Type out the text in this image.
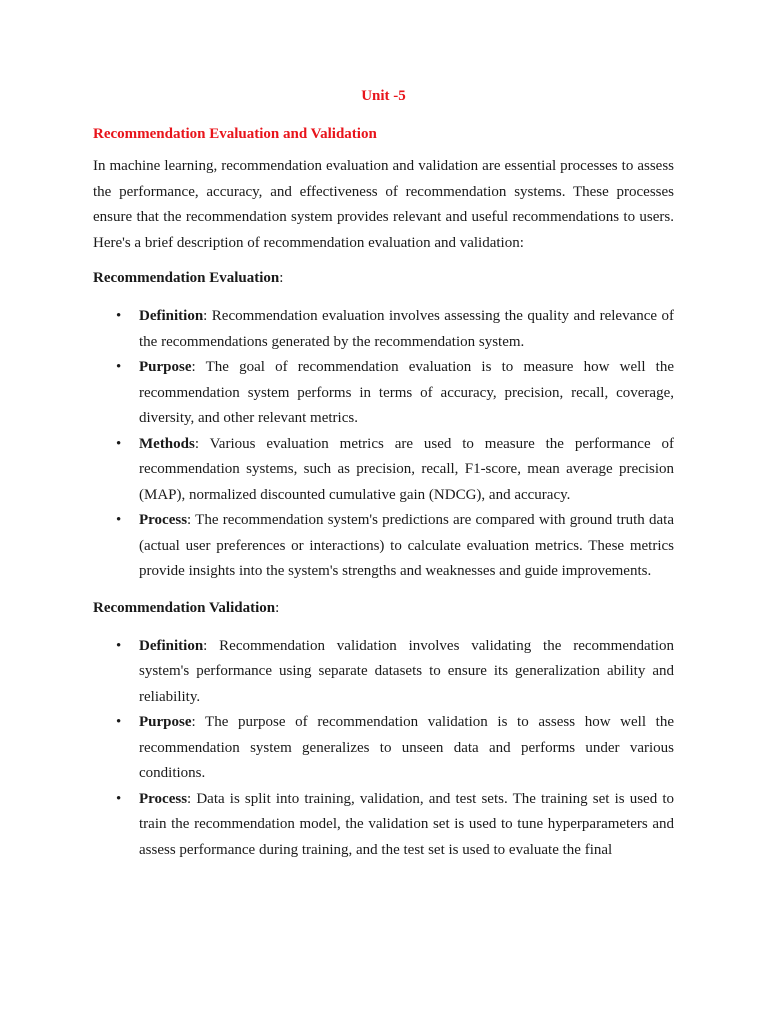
Unit -5
Recommendation Evaluation and Validation

In machine learning, recommendation evaluation and validation are essential processes to assess the performance, accuracy, and effectiveness of recommendation systems. These processes ensure that the recommendation system provides relevant and useful recommendations to users. Here's a brief description of recommendation evaluation and validation:

Recommendation Evaluation:
• Definition: Recommendation evaluation involves assessing the quality and relevance of the recommendations generated by the recommendation system.
• Purpose: The goal of recommendation evaluation is to measure how well the recommendation system performs in terms of accuracy, precision, recall, coverage, diversity, and other relevant metrics.
• Methods: Various evaluation metrics are used to measure the performance of recommendation systems, such as precision, recall, F1-score, mean average precision (MAP), normalized discounted cumulative gain (NDCG), and accuracy.
• Process: The recommendation system's predictions are compared with ground truth data (actual user preferences or interactions) to calculate evaluation metrics. These metrics provide insights into the system's strengths and weaknesses and guide improvements.
Recommendation Validation:
• Definition: Recommendation validation involves validating the recommendation system's performance using separate datasets to ensure its generalization ability and reliability.
• Purpose: The purpose of recommendation validation is to assess how well the recommendation system generalizes to unseen data and performs under various conditions.
• Process: Data is split into training, validation, and test sets. The training set is used to train the recommendation model, the validation set is used to tune hyperparameters and assess performance during training, and the test set is used to evaluate the final
